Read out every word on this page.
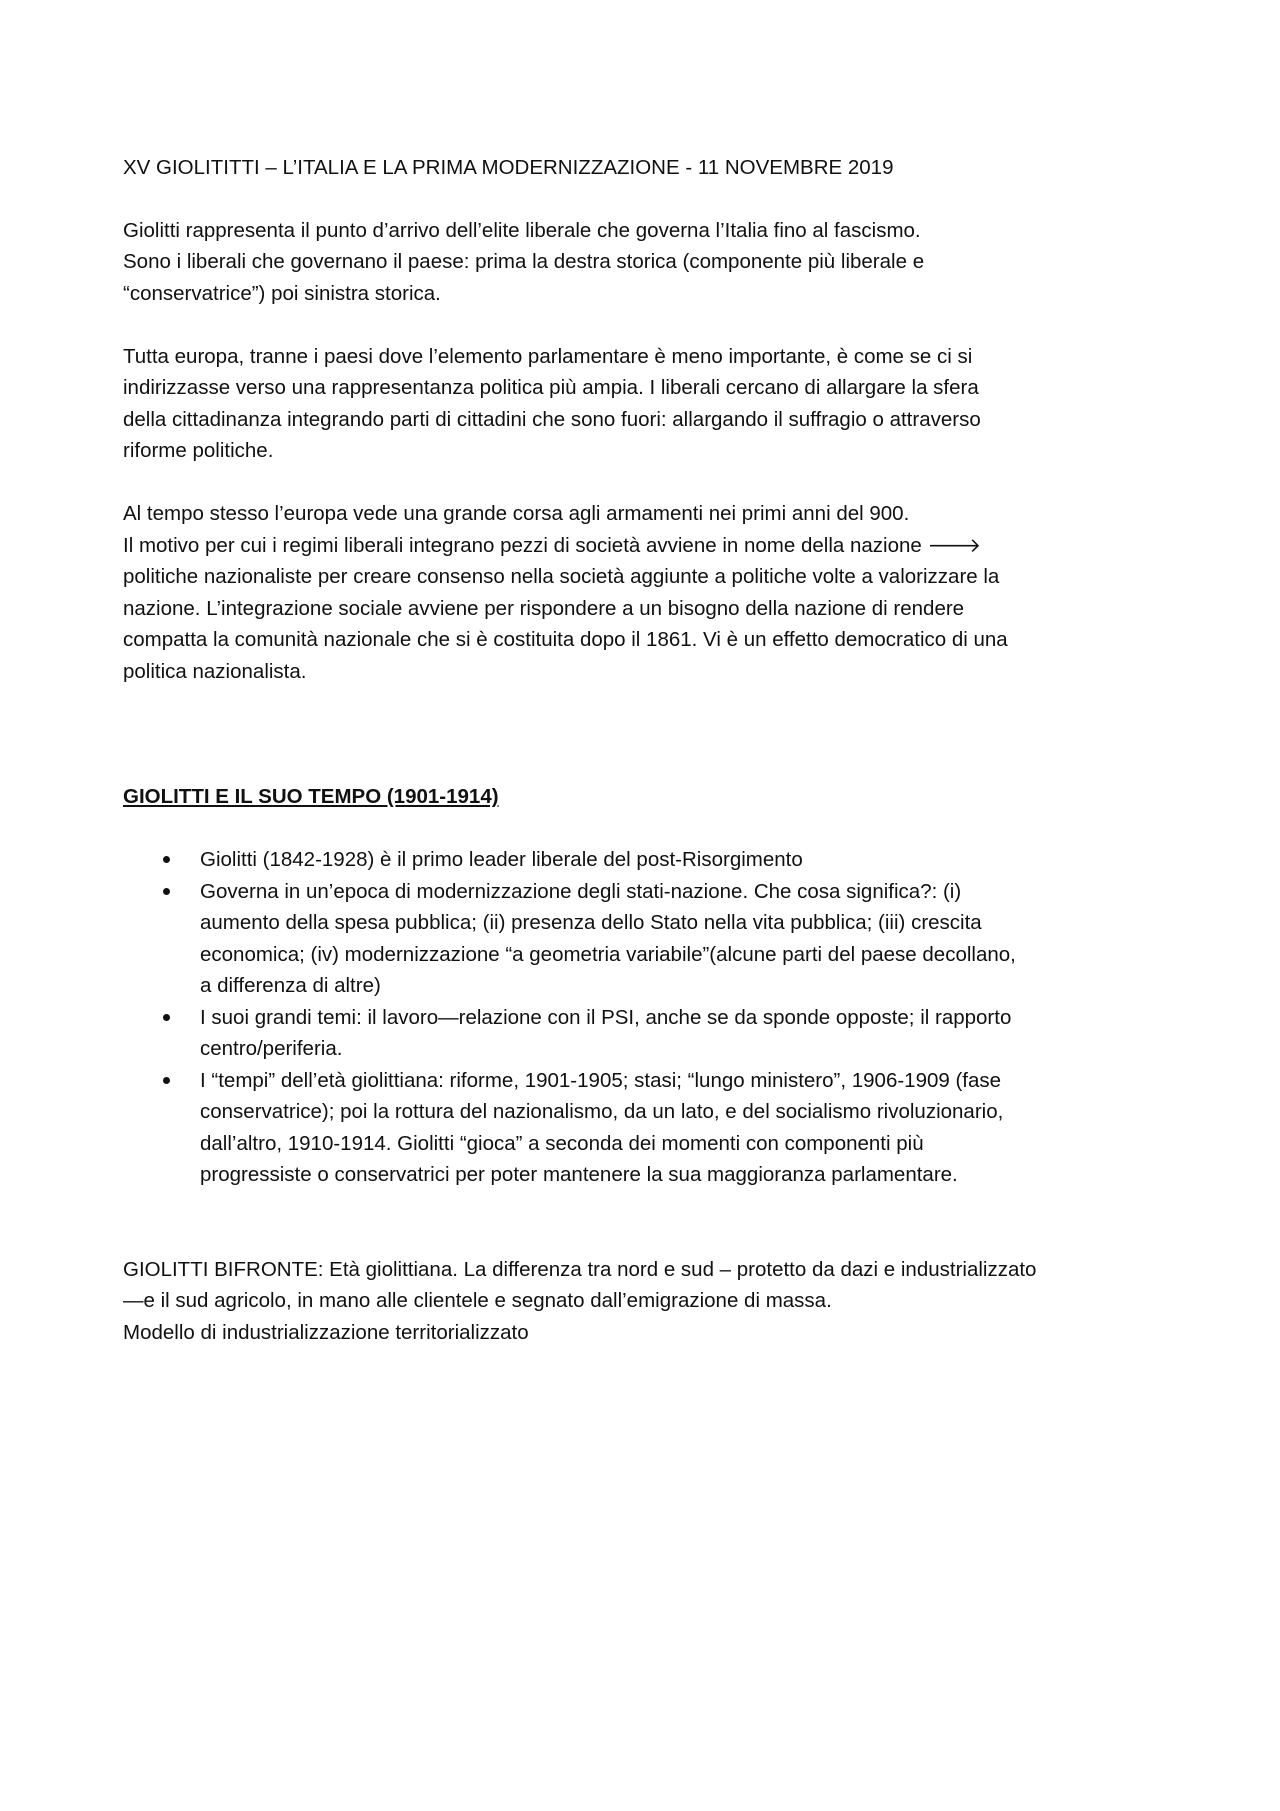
XV GIOLITITTI – L’ITALIA E LA PRIMA MODERNIZZAZIONE - 11 NOVEMBRE 2019

Giolitti rappresenta il punto d’arrivo dell’elite liberale che governa l’Italia fino al fascismo.
Sono i liberali che governano il paese: prima la destra storica (componente più liberale e
“conservatrice”) poi sinistra storica.

Tutta europa, tranne i paesi dove l’elemento parlamentare è meno importante, è come se ci si
indirizzasse verso una rappresentanza politica più ampia. I liberali cercano di allargare la sfera
della cittadinanza integrando parti di cittadini che sono fuori: allargando il suffragio o attraverso
riforme politiche.

Al tempo stesso l’europa vede una grande corsa agli armamenti nei primi anni del 900.
Il motivo per cui i regimi liberali integrano pezzi di società avviene in nome della nazione 🡒
politiche nazionaliste per creare consenso nella società aggiunte a politiche volte a valorizzare la
nazione. L’integrazione sociale avviene per rispondere a un bisogno della nazione di rendere
compatta la comunità nazionale che si è costituita dopo il 1861. Vi è un effetto democratico di una
politica nazionalista.

GIOLITTI E IL SUO TEMPO (1901-1914)
Giolitti (1842-1928) è il primo leader liberale del post-Risorgimento
Governa in un’epoca di modernizzazione degli stati-nazione. Che cosa significa?: (i)
aumento della spesa pubblica; (ii) presenza dello Stato nella vita pubblica; (iii) crescita
economica; (iv) modernizzazione “a geometria variabile”(alcune parti del paese decollano,
a differenza di altre)
I suoi grandi temi: il lavoro—relazione con il PSI, anche se da sponde opposte; il rapporto
centro/periferia.
I “tempi” dell’età giolittiana: riforme, 1901-1905; stasi; “lungo ministero”, 1906-1909 (fase
conservatrice); poi la rottura del nazionalismo, da un lato, e del socialismo rivoluzionario,
dall’altro, 1910-1914. Giolitti “gioca” a seconda dei momenti con componenti più
progressiste o conservatrici per poter mantenere la sua maggioranza parlamentare.

GIOLITTI BIFRONTE: Età giolittiana. La differenza tra nord e sud – protetto da dazi e industrializzato
—e il sud agricolo, in mano alle clientele e segnato dall’emigrazione di massa.
Modello di industrializzazione territorializzato
